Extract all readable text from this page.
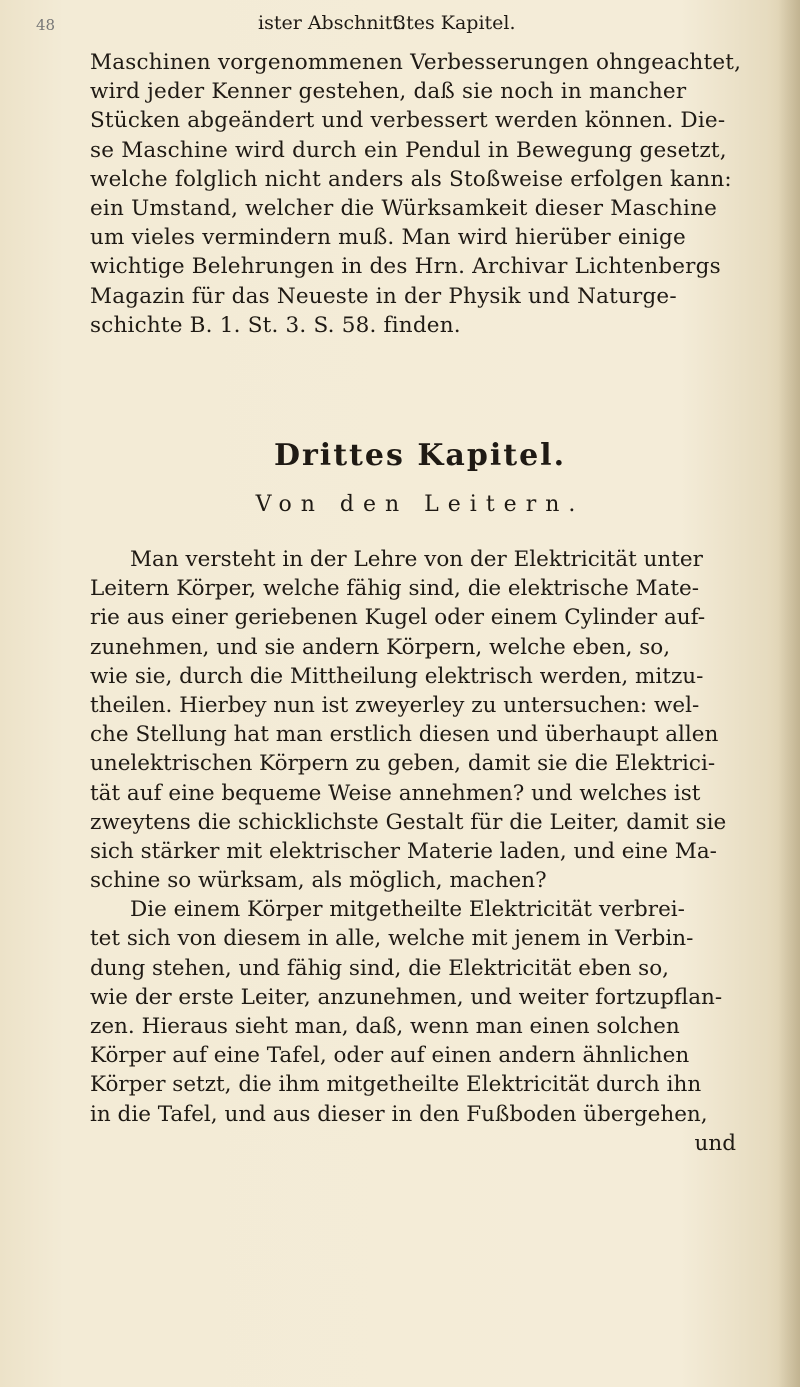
48	ister Abschnitt.
3tes Kapitel.
Maschinen vorgenommenen Verbesserungen ohngeachtet,
wird jeder Kenner gestehen, daß sie noch in mancher
Stücken abgeändert und verbessert werden können. Die-
se Maschine wird durch ein Pendul in Bewegung gesetzt,
welche folglich nicht anders als Stoßweise erfolgen kann:
ein Umstand, welcher die Würksamkeit dieser Maschine
um vieles vermindern muß. Man wird hierüber einige
wichtige Belehrungen in des Hrn. Archivar Lichtenbergs
Magazin für das Neueste in der Physik und Naturge-
schichte B. 1. St. 3. S. 58. finden.
Drittes Kapitel.
Von den Leitern.
Man versteht in der Lehre von der Elektricität unter
Leitern Körper, welche fähig sind, die elektrische Mate-
rie aus einer geriebenen Kugel oder einem Cylinder auf-
zunehmen, und sie andern Körpern, welche eben, so,
wie sie, durch die Mittheilung elektrisch werden, mitzu-
theilen. Hierbey nun ist zweyerley zu untersuchen: wel-
che Stellung hat man erstlich diesen und überhaupt allen
unelektrischen Körpern zu geben, damit sie die Elektrici-
tät auf eine bequeme Weise annehmen? und welches ist
zweytens die schicklichste Gestalt für die Leiter, damit sie
sich stärker mit elektrischer Materie laden, und eine Ma-
schine so würksam, als möglich, machen?
Die einem Körper mitgetheilte Elektricität verbrei-
tet sich von diesem in alle, welche mit jenem in Verbin-
dung stehen, und fähig sind, die Elektricität eben so,
wie der erste Leiter, anzunehmen, und weiter fortzupflan-
zen. Hieraus sieht man, daß, wenn man einen solchen
Körper auf eine Tafel, oder auf einen andern ähnlichen
Körper setzt, die ihm mitgetheilte Elektricität durch ihn
in die Tafel, und aus dieser in den Fußboden übergehen,
und
